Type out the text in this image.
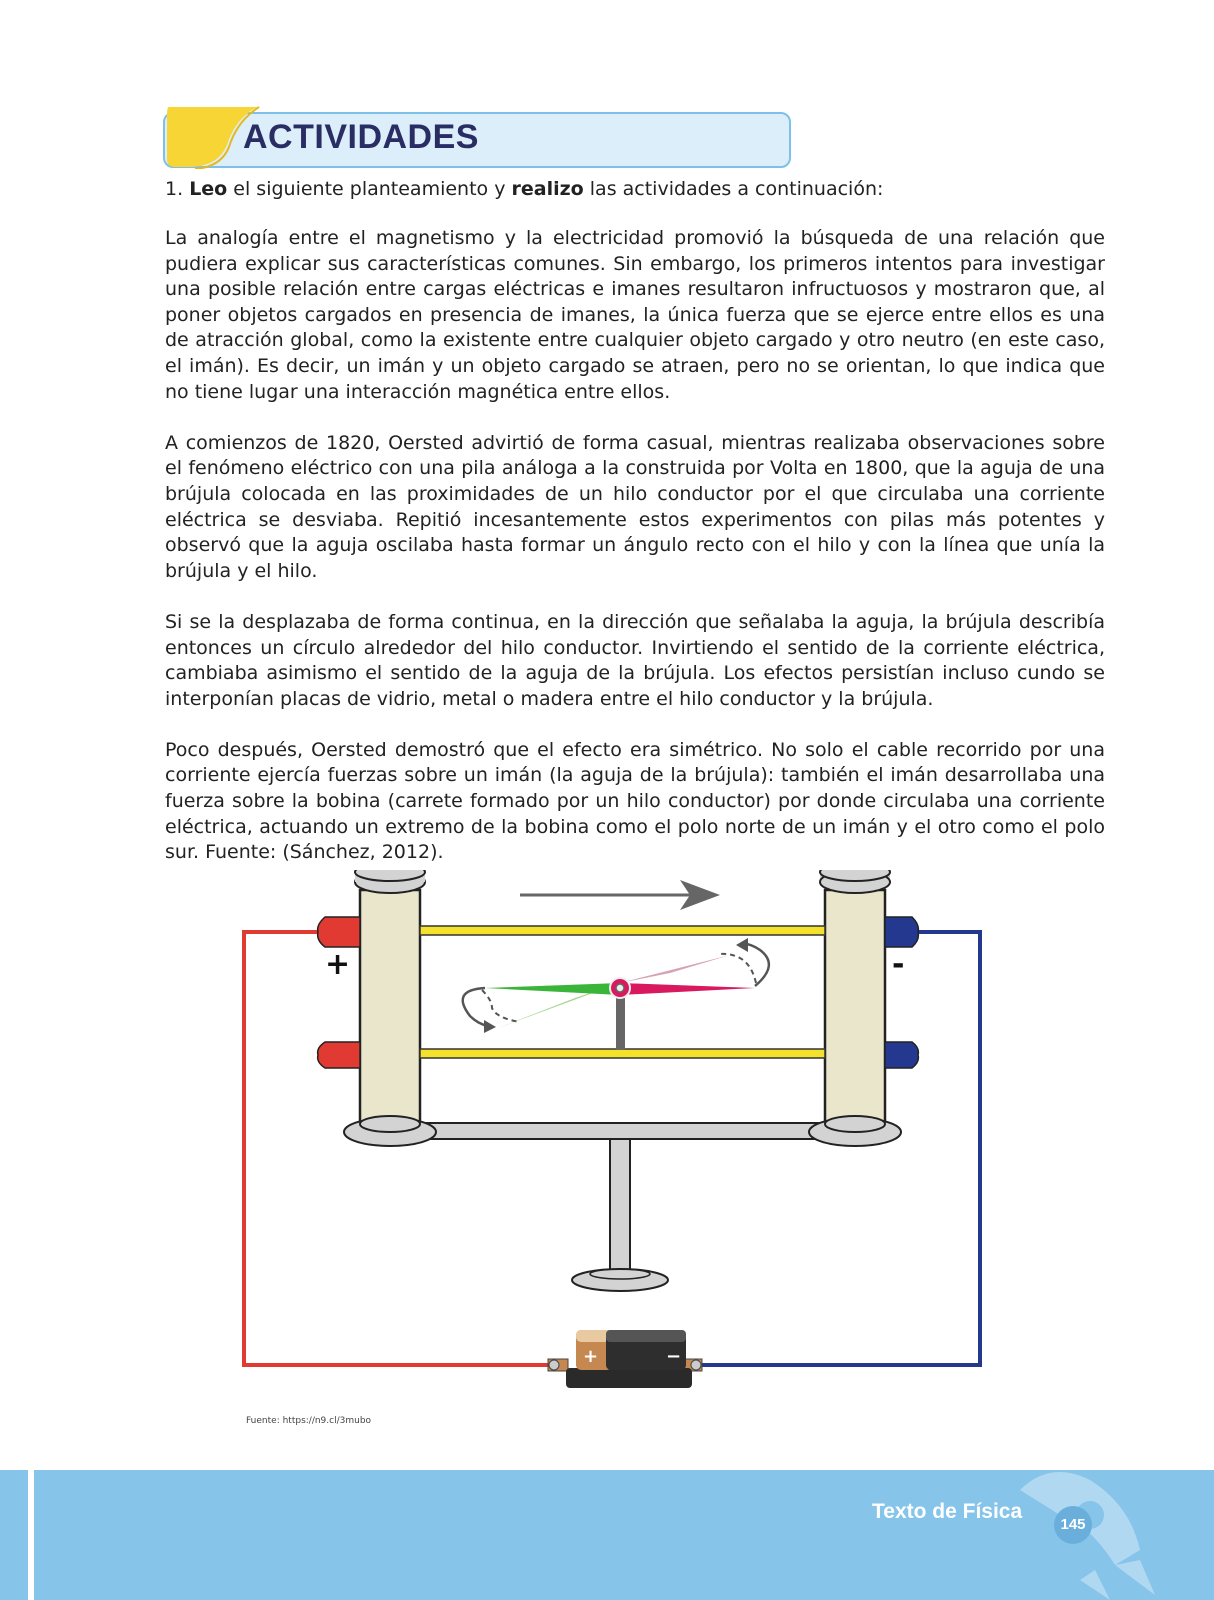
ACTIVIDADES
1. Leo el siguiente planteamiento y realizo las actividades a continuación:

La analogía entre el magnetismo y la electricidad promovió la búsqueda de una relación que pudiera explicar sus características comunes. Sin embargo, los primeros intentos para investigar una posible relación entre cargas eléctricas e imanes resultaron infructuosos y mostraron que, al poner objetos cargados en presencia de imanes, la única fuerza que se ejerce entre ellos es una de atracción global, como la existente entre cualquier objeto cargado y otro neutro (en este caso, el imán). Es decir, un imán y un objeto cargado se atraen, pero no se orientan, lo que indica que no tiene lugar una interacción magnética entre ellos.

A comienzos de 1820, Oersted advirtió de forma casual, mientras realizaba observaciones sobre el fenómeno eléctrico con una pila análoga a la construida por Volta en 1800, que la aguja de una brújula colocada en las proximidades de un hilo conductor por el que circulaba una corriente eléctrica se desviaba. Repitió incesantemente estos experimentos con pilas más potentes y observó que la aguja oscilaba hasta formar un ángulo recto con el hilo y con la línea que unía la brújula y el hilo.

Si se la desplazaba de forma continua, en la dirección que señalaba la aguja, la brújula describía entonces un círculo alrededor del hilo conductor. Invirtiendo el sentido de la corriente eléctrica, cambiaba asimismo el sentido de la aguja de la brújula. Los efectos persistían incluso cundo se interponían placas de vidrio, metal o madera entre el hilo conductor y la brújula.

Poco después, Oersted demostró que el efecto era simétrico. No solo el cable recorrido por una corriente ejercía fuerzas sobre un imán (la aguja de la brújula): también el imán desarrollaba una fuerza sobre la bobina (carrete formado por un hilo conductor) por donde circulaba una corriente eléctrica, actuando un extremo de la bobina como el polo norte de un imán y el otro como el polo sur. Fuente: (Sánchez, 2012).

+	-
+	−
Fuente: https://n9.cl/3mubo
Texto de Física
145
